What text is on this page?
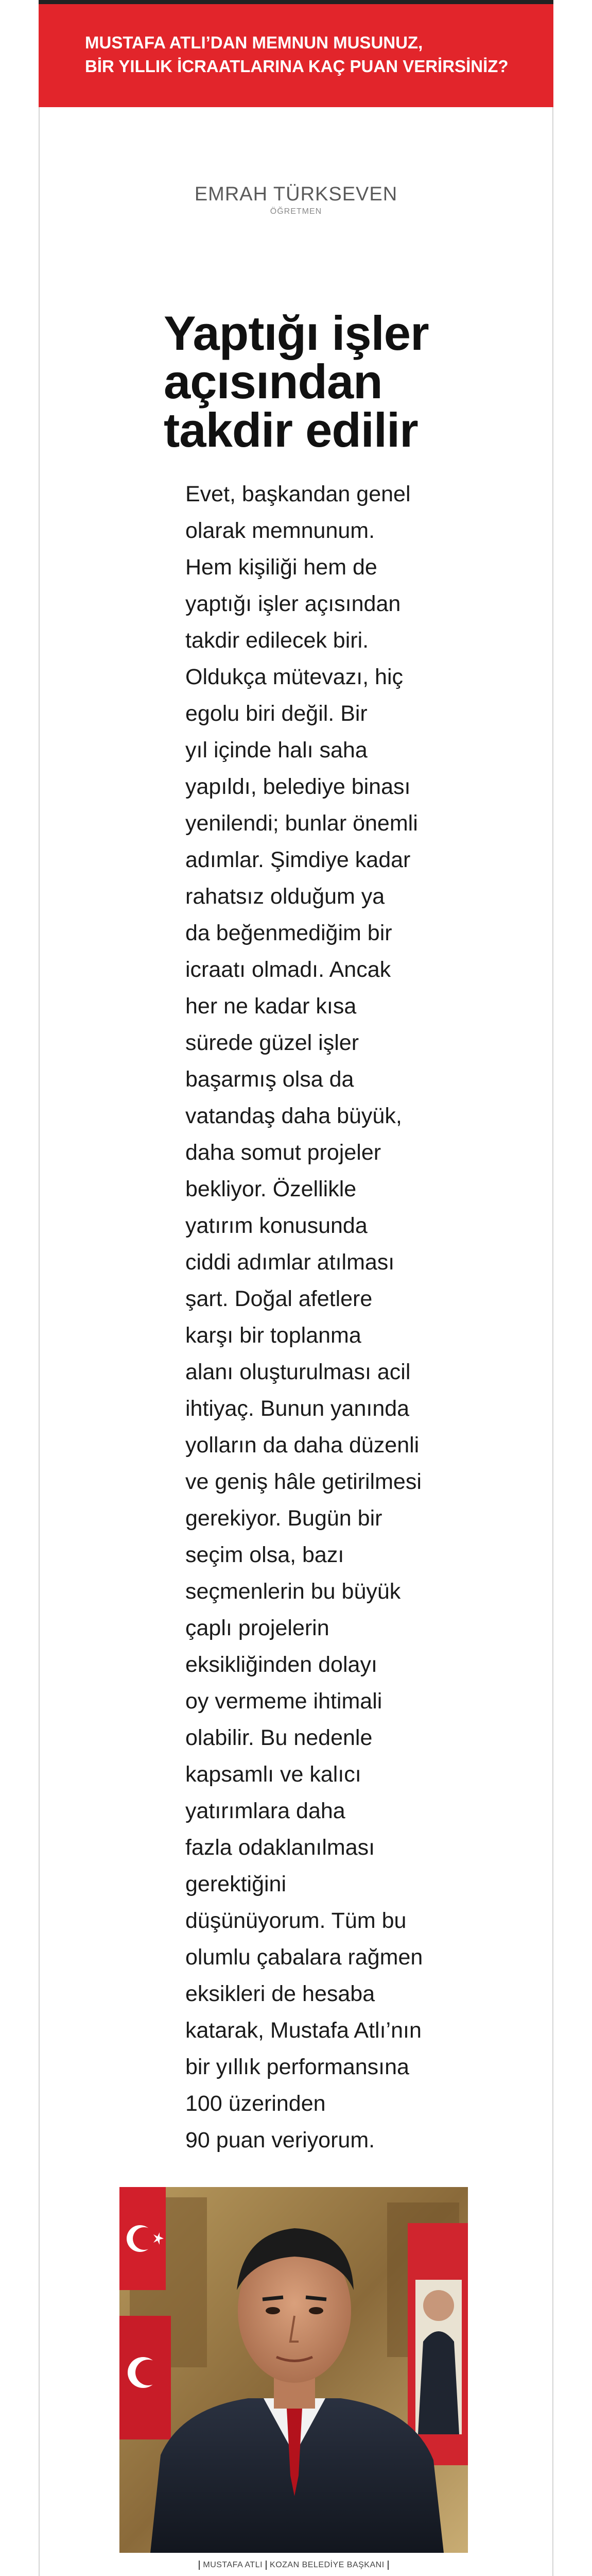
MUSTAFA ATLI’DAN MEMNUN MUSUNUZ,
BİR YILLIK İCRAATLARINA KAÇ PUAN VERİRSİNİZ?

EMRAH TÜRKSEVEN

ÖĞRETMEN

Yaptığı işler açısından takdir edilir
Evet, başkandan genel
olarak memnunum.
Hem kişiliği hem de
yaptığı işler açısından
takdir edilecek biri.
Oldukça mütevazı, hiç
egolu biri değil. Bir
yıl içinde halı saha
yapıldı, belediye binası
yenilendi; bunlar önemli
adımlar. Şimdiye kadar
rahatsız olduğum ya
da beğenmediğim bir
icraatı olmadı. Ancak
her ne kadar kısa
sürede güzel işler
başarmış olsa da
vatandaş daha büyük,
daha somut projeler
bekliyor. Özellikle
yatırım konusunda
ciddi adımlar atılması
şart. Doğal afetlere
karşı bir toplanma
alanı oluşturulması acil
ihtiyaç. Bunun yanında
yolların da daha düzenli
ve geniş hâle getirilmesi
gerekiyor. Bugün bir
seçim olsa, bazı
seçmenlerin bu büyük
çaplı projelerin
eksikliğinden dolayı
oy vermeme ihtimali
olabilir. Bu nedenle
kapsamlı ve kalıcı
yatırımlara daha
fazla odaklanılması
gerektiğini
düşünüyorum. Tüm bu
olumlu çabalara rağmen
eksikleri de hesaba
katarak, Mustafa Atlı’nın
bir yıllık performansına
100 üzerinden
90 puan veriyorum.
MUSTAFA ATLI KOZAN BELEDİYE BAŞKANI
